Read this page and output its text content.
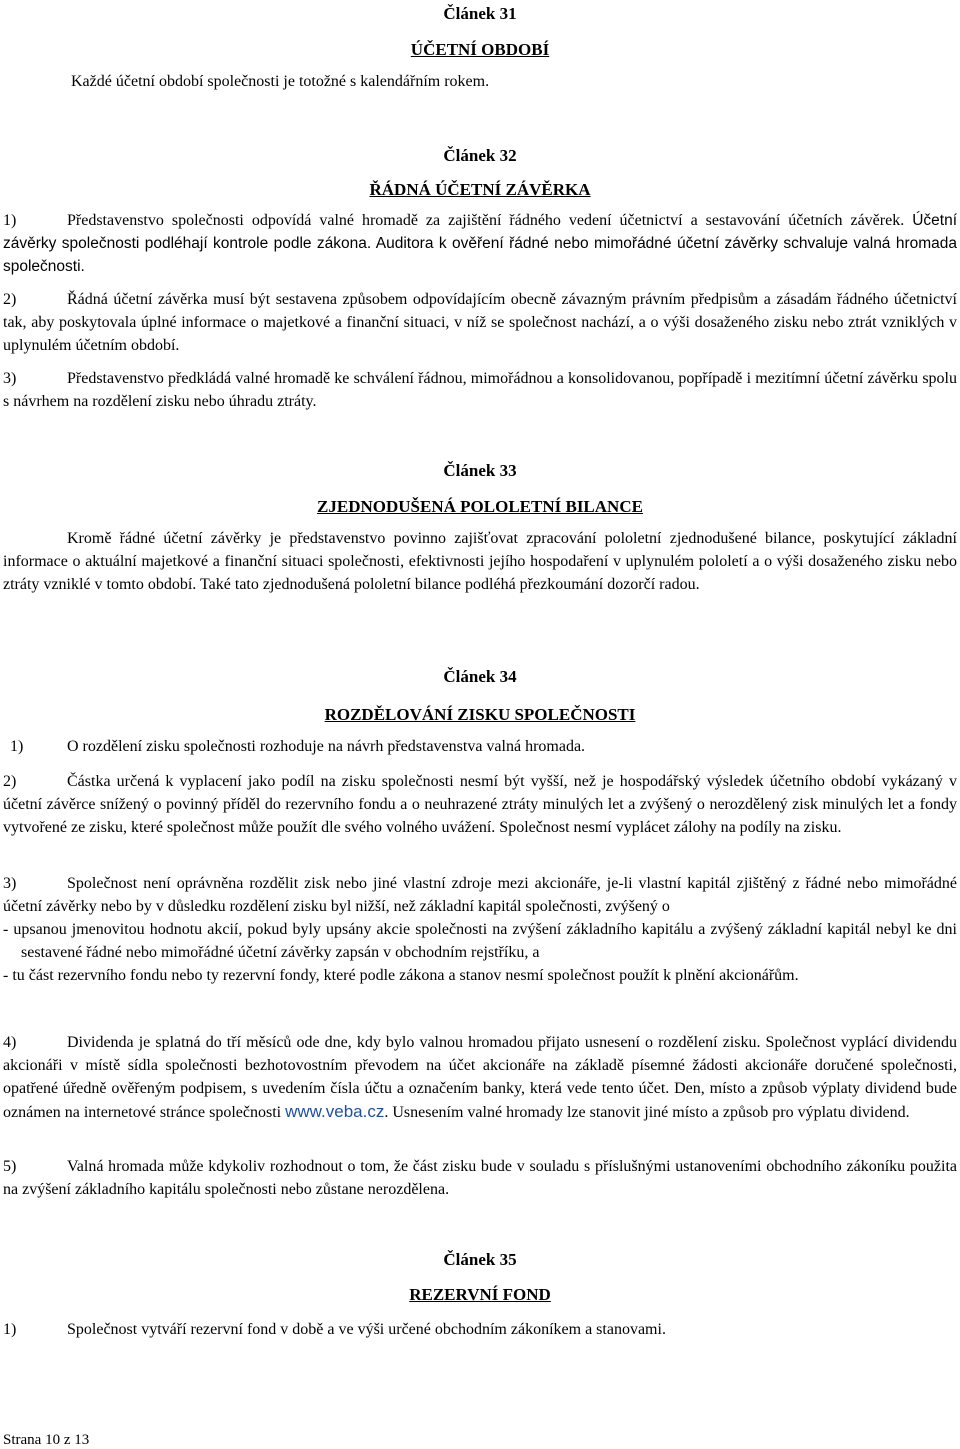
Článek 31

ÚČETNÍ OBDOBÍ

Každé účetní období společnosti je totožné s kalendářním rokem.

Článek 32

ŘÁDNÁ ÚČETNÍ ZÁVĚRKA

1)	Představenstvo společnosti odpovídá valné hromadě za zajištění řádného vedení účetnictví a sestavování účetních závěrek. Účetní závěrky společnosti podléhají kontrole podle zákona. Auditora k ověření řádné nebo mimořádné účetní závěrky schvaluje valná hromada společnosti.

2)	Řádná účetní závěrka musí být sestavena způsobem odpovídajícím obecně závazným právním předpisům a zásadám řádného účetnictví tak, aby poskytovala úplné informace o majetkové a finanční situaci, v níž se společnost nachází, a o výši dosaženého zisku nebo ztrát vzniklých v uplynulém účetním období.

3)	Představenstvo předkládá valné hromadě ke schválení řádnou, mimořádnou a konsolidovanou, popřípadě i mezitímní účetní závěrku spolu s návrhem na rozdělení zisku nebo úhradu ztráty.

Článek 33

ZJEDNODUŠENÁ POLOLETNÍ BILANCE

Kromě řádné účetní závěrky je představenstvo povinno zajišťovat zpracování pololetní zjednodušené bilance, poskytující základní informace o aktuální majetkové a finanční situaci společnosti, efektivnosti jejího hospodaření v uplynulém pololetí a o výši dosaženého zisku nebo ztráty vzniklé v tomto období. Také tato zjednodušená pololetní bilance podléhá přezkoumání dozorčí radou.

Článek 34

ROZDĚLOVÁNÍ ZISKU SPOLEČNOSTI

1)	O rozdělení zisku společnosti rozhoduje na návrh představenstva valná hromada.

2)	Částka určená k vyplacení jako podíl na zisku společnosti nesmí být vyšší, než je hospodářský výsledek účetního období vykázaný v účetní závěrce snížený o povinný příděl do rezervního fondu a o neuhrazené ztráty minulých let a zvýšený o nerozdělený zisk minulých let a fondy vytvořené ze zisku, které společnost může použít dle svého volného uvážení. Společnost nesmí vyplácet zálohy na podíly na zisku.

3)	Společnost není oprávněna rozdělit zisk nebo jiné vlastní zdroje mezi akcionáře, je-li vlastní kapitál zjištěný z řádné nebo mimořádné účetní závěrky nebo by v důsledku rozdělení zisku byl nižší, než základní kapitál společnosti, zvýšený o

- upsanou jmenovitou hodnotu akcií, pokud byly upsány akcie společnosti na zvýšení základního kapitálu a zvýšený základní kapitál nebyl ke dni sestavené řádné nebo mimořádné účetní závěrky zapsán v obchodním rejstříku, a

- tu část rezervního fondu nebo ty rezervní fondy, které podle zákona a stanov nesmí společnost použít k plnění akcionářům.

4)	Dividenda je splatná do tří měsíců ode dne, kdy bylo valnou hromadou přijato usnesení o rozdělení zisku. Společnost vyplácí dividendu akcionáři v místě sídla společnosti bezhotovostním převodem na účet akcionáře na základě písemné žádosti akcionáře doručené společnosti, opatřené úředně ověřeným podpisem, s uvedením čísla účtu a označením banky, která vede tento účet. Den, místo a způsob výplaty dividend bude oznámen na internetové stránce společnosti www.veba.cz. Usnesením valné hromady lze stanovit jiné místo a způsob pro výplatu dividend.

5)	Valná hromada může kdykoliv rozhodnout o tom, že část zisku bude v souladu s příslušnými ustanoveními obchodního zákoníku použita na zvýšení základního kapitálu společnosti nebo zůstane nerozdělena.

Článek 35

REZERVNÍ FOND

1)	Společnost vytváří rezervní fond v době a ve výši určené obchodním zákoníkem a stanovami.

Strana 10 z 13
